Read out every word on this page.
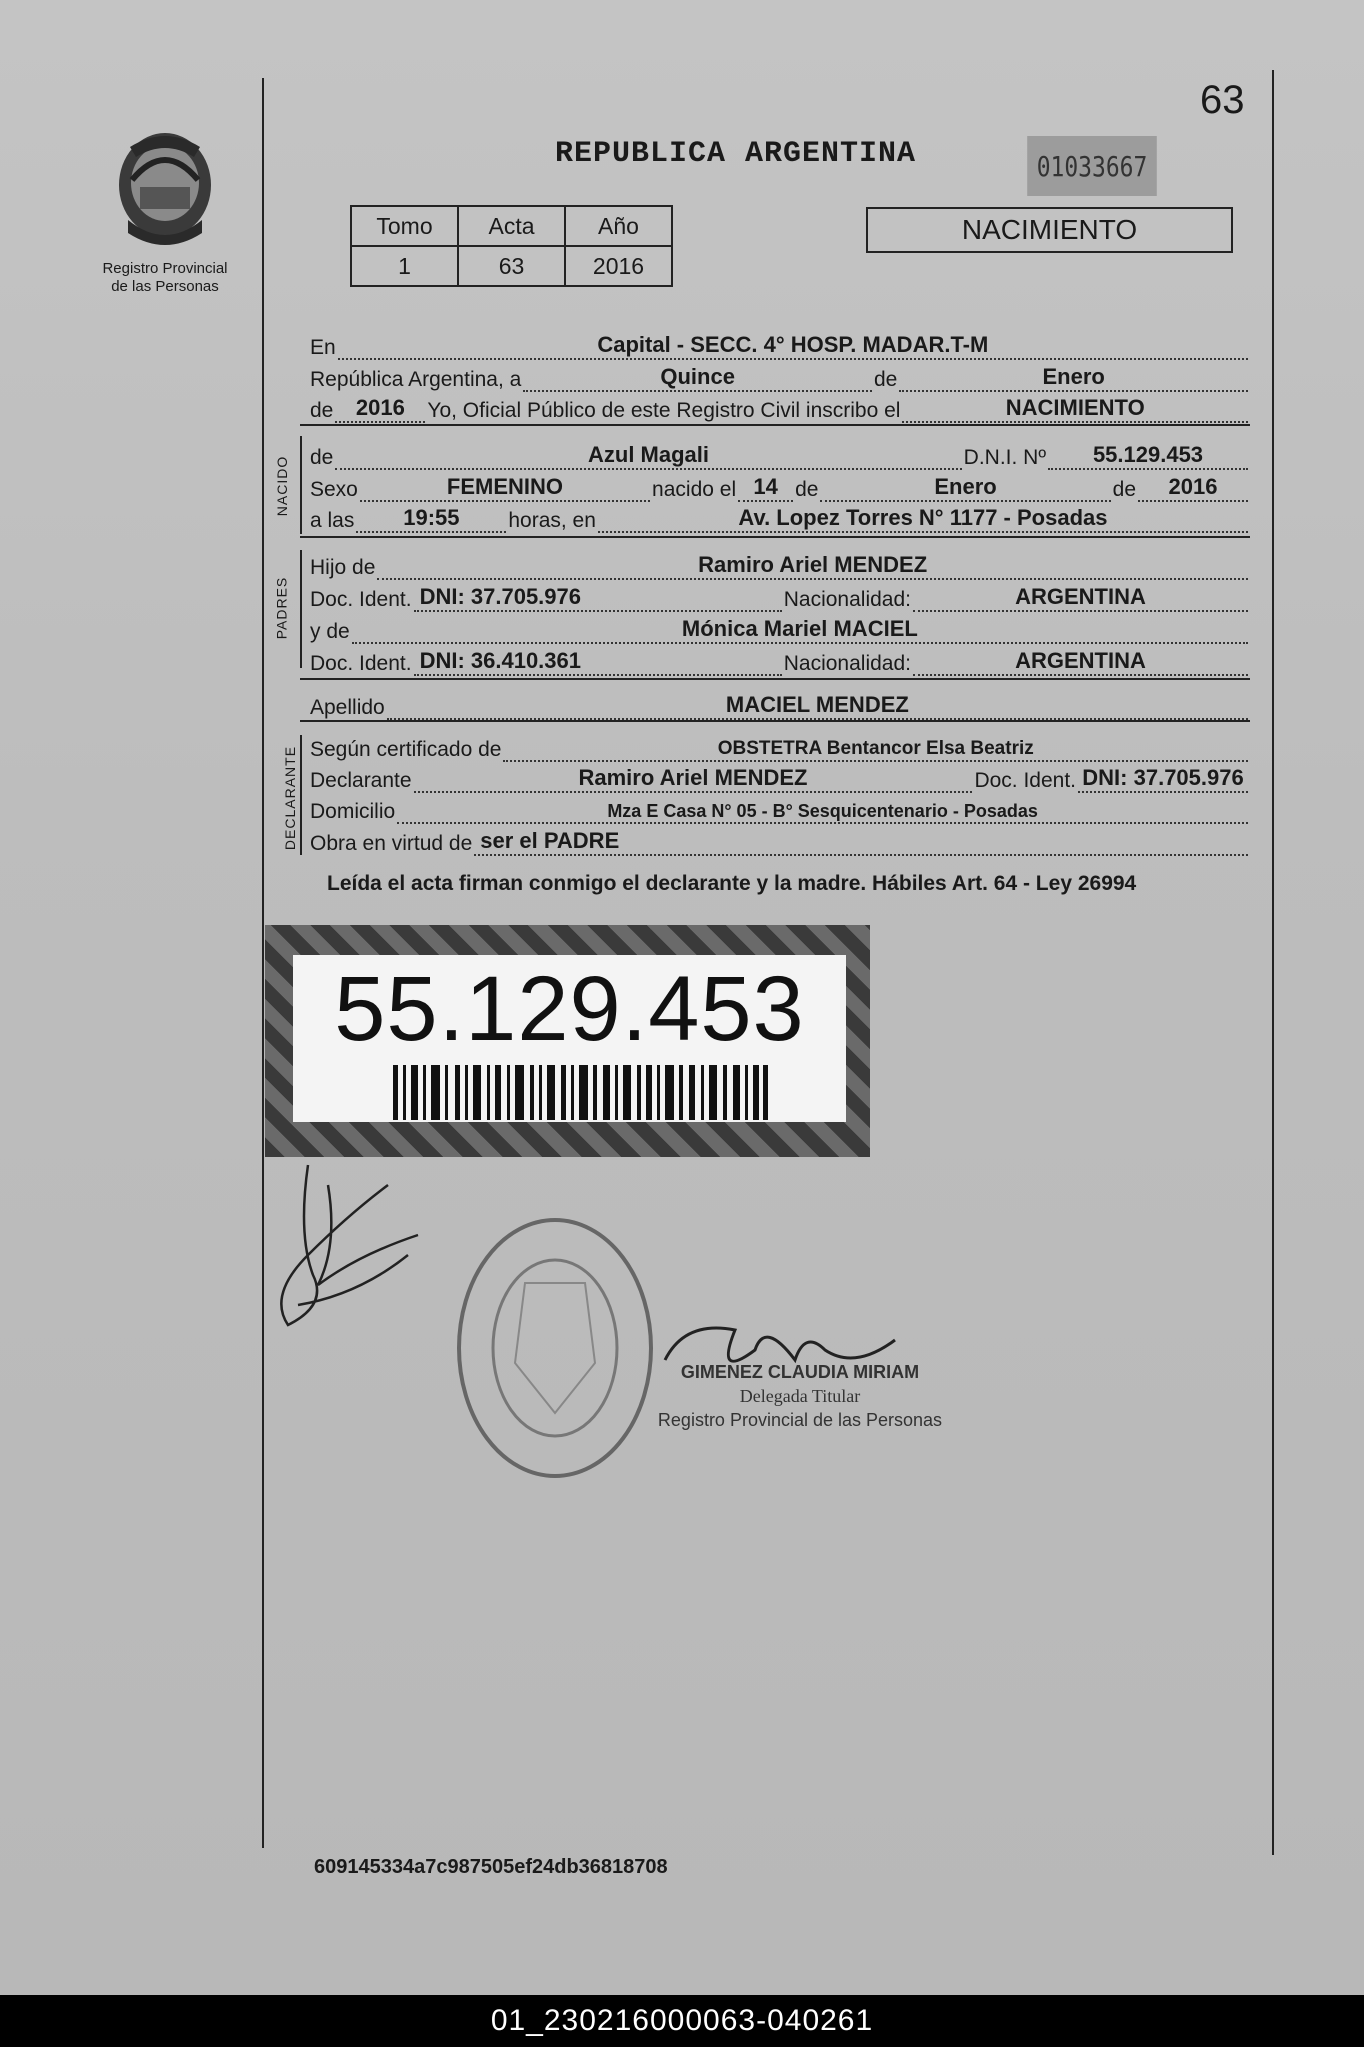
63
Registro Provincial de las Personas
REPUBLICA ARGENTINA	01033667
Tomo	Acta	Año
1	63	2016
NACIMIENTO
En	Capital - SECC. 4° HOSP. MADAR.T-M
República Argentina, a	Quince	de	Enero
de	2016	Yo, Oficial Público de este Registro Civil inscribo el	NACIMIENTO
NACIDO de	Azul Magali	D.N.I. Nº	55.129.453
Sexo	FEMENINO	nacido el 14 de	Enero	de	2016
a las	19:55	horas, en	Av. Lopez Torres N° 1177 - Posadas
PADRES
Hijo de	Ramiro Ariel MENDEZ
Doc. Ident. DNI: 37.705.976	Nacionalidad:	ARGENTINA
y de	Mónica Mariel MACIEL
Doc. Ident. DNI: 36.410.361	Nacionalidad:	ARGENTINA
Apellido	MACIEL MENDEZ
DECLARANTE Según certificado de	OBSTETRA Bentancor Elsa Beatriz
Declarante	Ramiro Ariel MENDEZ	Doc. Ident. DNI: 37.705.976
Domicilio	Mza E Casa N° 05 - B° Sesquicentenario - Posadas
Obra en virtud de ser el PADRE
Leída el acta firman conmigo el declarante y la madre. Hábiles Art. 64 - Ley 26994
55.129.453
GIMENEZ CLAUDIA MIRIAM
Delegada Titular
Registro Provincial de las Personas
609145334a7c987505ef24db36818708
01_230216000063-040261
